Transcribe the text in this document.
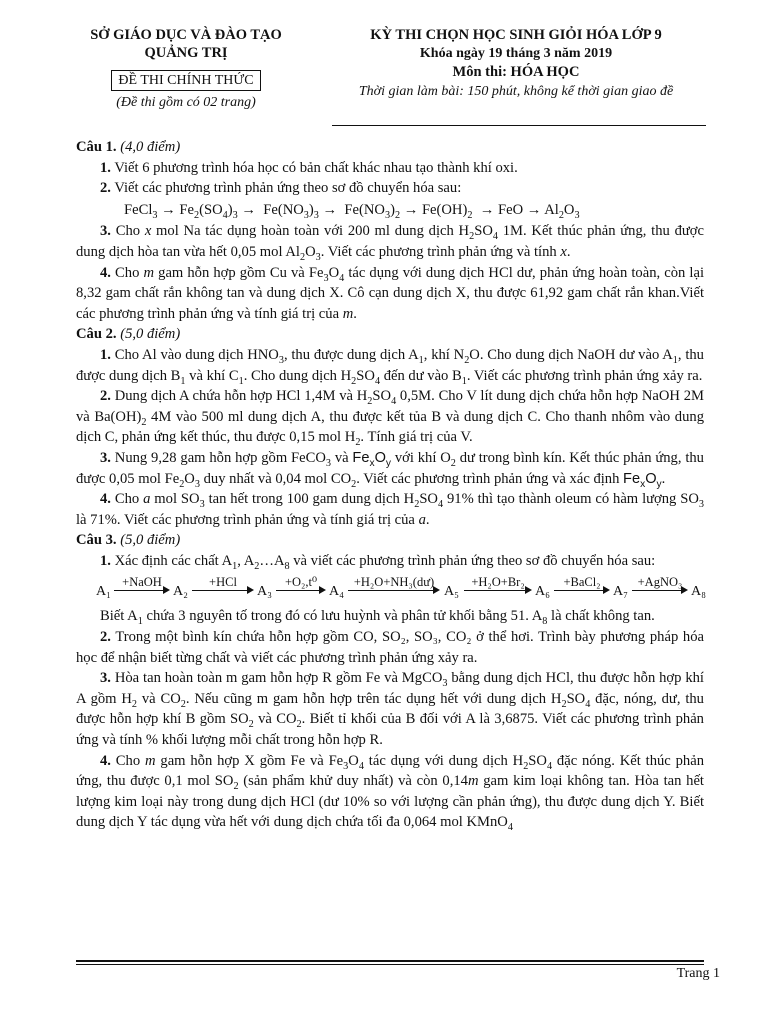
SỞ GIÁO DỤC VÀ ĐÀO TẠO
QUẢNG TRỊ
ĐỀ THI CHÍNH THỨC
(Đề thi gồm có 02 trang)
KỲ THI CHỌN HỌC SINH GIỎI HÓA LỚP 9
Khóa ngày 19 tháng 3 năm 2019
Môn thi: HÓA HỌC
Thời gian làm bài: 150 phút, không kể thời gian giao đề

Câu 1. (4,0 điểm)

1. Viết 6 phương trình hóa học có bản chất khác nhau tạo thành khí oxi.

2. Viết các phương trình phản ứng theo sơ đồ chuyển hóa sau:

FeCl$_3$ → $Fe_2(SO_4)_3 \to Fe(NO_3)_3 \to Fe(NO_3)_2 \to Fe(OH)_2$  → FeO → $Al_2O_3$

3. Cho x mol Na tác dụng hoàn toàn với 200 ml dung dịch $H_2SO_4$ 1M. Kết thúc phản ứng, thu được dung dịch hòa tan vừa hết 0,05 mol $Al_2O_3$. Viết các phương trình phản ứng và tính x.

4. Cho m gam hỗn hợp gồm Cu và $Fe_3O_4$ tác dụng với dung dịch HCl dư, phản ứng hoàn toàn, còn lại 8,32 gam chất rắn không tan và dung dịch X. Cô cạn dung dịch X, thu được 61,92 gam chất rắn khan.Viết các phương trình phản ứng và tính giá trị của m.

Câu 2. (5,0 điểm)

1. Cho Al vào dung dịch $HNO_3$, thu được dung dịch $A_1$, khí $N_2O$. Cho dung dịch NaOH dư vào $A_1$, thu được dung dịch $B_1$ và khí $C_1$. Cho dung dịch $H_2SO_4$ đến dư vào $B_1$. Viết các phương trình phản ứng xảy ra.

2. Dung dịch A chứa hỗn hợp HCl 1,4M và $H_2SO_4$ 0,5M. Cho V lít dung dịch chứa hỗn hợp NaOH 2M và $Ba(OH)_2$ 4M vào 500 ml dung dịch A, thu được kết tủa B và dung dịch C. Cho thanh nhôm vào dung dịch C, phản ứng kết thúc, thu được 0,15 mol $H_2$. Tính giá trị của V.

3. Nung 9,28 gam hỗn hợp gồm FeCO$_3$ và $Fe_xO_y$ với khí $O_2$ dư trong bình kín. Kết thúc phản ứng, thu được 0,05 mol $Fe_2O_3$ duy nhất và 0,04 mol $CO_2$. Viết các phương trình phản ứng và xác định $Fe_xO_y$.

4. Cho a mol $SO_3$ tan hết trong 100 gam dung dịch $H_2SO_4$ 91% thì tạo thành oleum có hàm lượng $SO_3$ là 71%. Viết các phương trình phản ứng và tính giá trị của a.

Câu 3. (5,0 điểm)

1. Xác định các chất $A_1$, $A_2\dots A_8$ và viết các phương trình phản ứng theo sơ đồ chuyển hóa sau:

A₁
+NaOH
A₂
+HCl
A₃
+O₂,t⁰
A₄
+H₂O+NH₃(dư)
A₅
+H₂O+Br₂
A₆
+BaCl₂
A₇
+AgNO₃
A₈

Biết $A_1$ chứa 3 nguyên tố trong đó có lưu huỳnh và phân tử khối bằng 51. $A_8$ là chất không tan.

2. Trong một bình kín chứa hỗn hợp gồm CO, SO₂, SO₃, CO₂ ở thể hơi. Trình bày phương pháp hóa học để nhận biết từng chất và viết các phương trình phản ứng xảy ra.

3. Hòa tan hoàn toàn m gam hỗn hợp R gồm Fe và MgCO$_3$ bằng dung dịch HCl, thu được hỗn hợp khí A gồm $H_2$ và $CO_2$. Nếu cũng m gam hỗn hợp trên tác dụng hết với dung dịch $H_2SO_4$ đặc, nóng, dư, thu được hỗn hợp khí B gồm $SO_2$ và $CO_2$. Biết tỉ khối của B đối với A là 3,6875. Viết các phương trình phản ứng và tính % khối lượng mỗi chất trong hỗn hợp R.

4. Cho m gam hỗn hợp X gồm Fe và $Fe_3O_4$ tác dụng với dung dịch $H_2SO_4$ đặc nóng. Kết thúc phản ứng, thu được 0,1 mol $SO_2$ (sản phẩm khử duy nhất) và còn 0,14m gam kim loại không tan. Hòa tan hết lượng kim loại này trong dung dịch HCl (dư 10% so với lượng cần phản ứng), thu được dung dịch Y. Biết dung dịch Y tác dụng vừa hết với dung dịch chứa tối đa 0,064 mol KMnO$_4$

Trang 1
